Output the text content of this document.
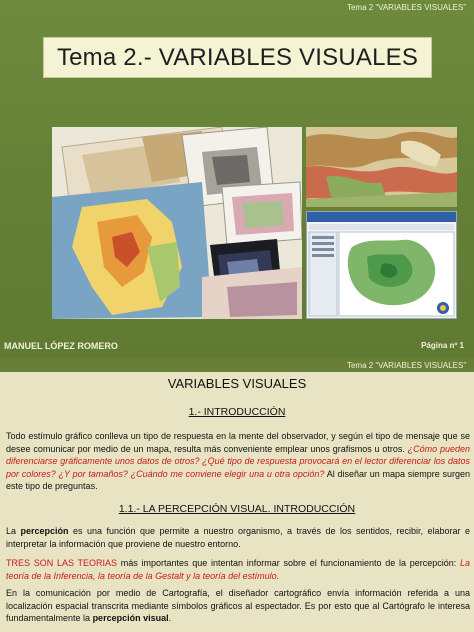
Tema 2 “VARIABLES VISUALES”
Tema 2.- VARIABLES VISUALES
MANUEL LÓPEZ ROMERO	Página nº 1
Tema 2 “VARIABLES VISUALES”
VARIABLES VISUALES
1.- INTRODUCCIÓN

Todo estímulo gráfico conlleva un tipo de respuesta en la mente del observador, y según el tipo de mensaje que se desee comunicar por medio de un mapa, resulta más conveniente emplear unos grafismos u otros. ¿Cómo pueden diferenciarse gráficamente unos datos de otros? ¿Qué tipo de respuesta provocará en el lector diferenciar los datos por colores? ¿Y por tamaños? ¿Cuándo me conviene elegir una u otra opción? Al diseñar un mapa siempre surgen este tipo de preguntas.

1.1.- LA PERCEPCIÓN VISUAL. INTRODUCCIÓN

La percepción es una función que permite a nuestro organismo, a través de los sentidos, recibir, elaborar e interpretar la información que proviene de nuestro entorno.

TRES SON LAS TEORIAS más importantes que intentan informar sobre el funcionamiento de la percepción: La teoría de la Inferencia, la teoría de la Gestalt y la teoría del estímulo.

En la comunicación por medio de Cartografía, el diseñador cartográfico envía información referida a una localización espacial transcrita mediante símbolos gráficos al espectador. Es por esto que al Cartógrafo le interesa fundamentalmente la percepción visual.
